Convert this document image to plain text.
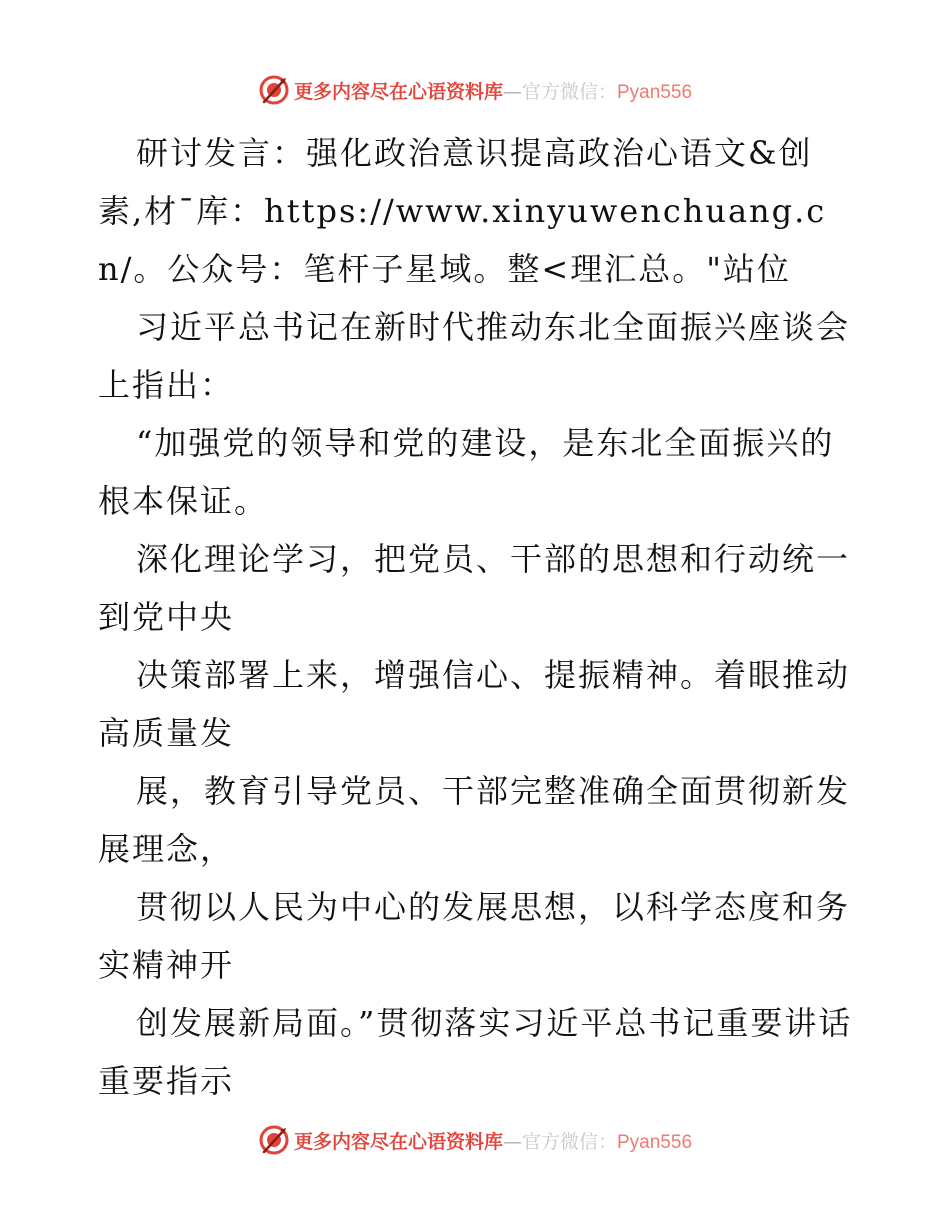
更多内容尽在心语资料库—官方微信：Pyan556

研讨发言：强化政治意识提高政治心语文&创素,材¯库：https://www.xinyuwenchuang.cn/。公众号：笔杆子星域。整<理汇总。"站位

习近平总书记在新时代推动东北全面振兴座谈会上指出：

“加强党的领导和党的建设，是东北全面振兴的根本保证。

深化理论学习，把党员、干部的思想和行动统一到党中央

决策部署上来，增强信心、提振精神。着眼推动高质量发

展，教育引导党员、干部完整准确全面贯彻新发展理念，

贯彻以人民为中心的发展思想，以科学态度和务实精神开

创发展新局面。”贯彻落实习近平总书记重要讲话重要指示

更多内容尽在心语资料库—官方微信：Pyan556
